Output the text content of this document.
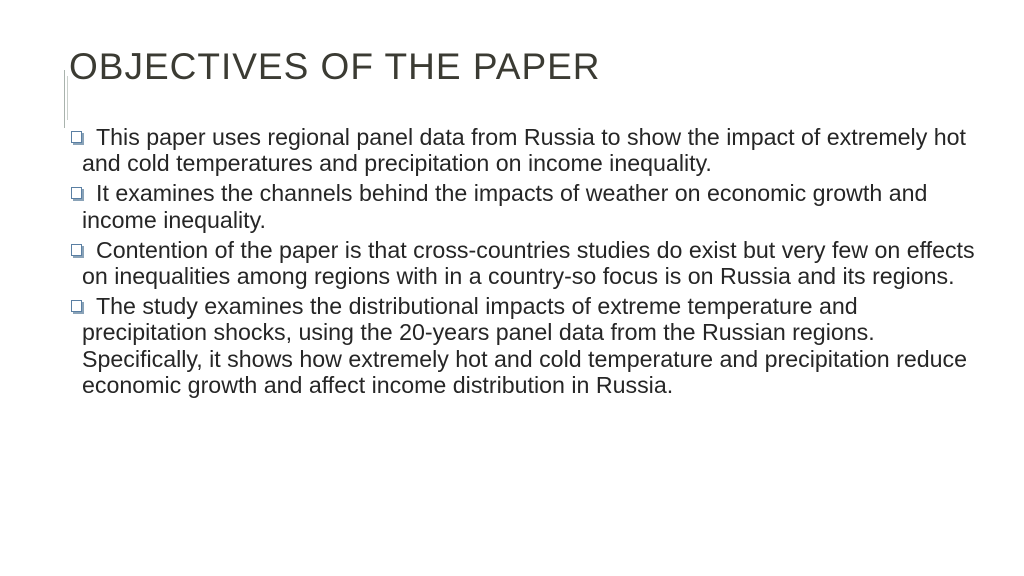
OBJECTIVES OF THE PAPER
This paper uses regional panel data from Russia to show the impact of extremely hot and cold temperatures and precipitation on income inequality.
It examines the channels behind the impacts of weather on economic growth and income inequality.
Contention of the paper is that cross-countries studies do exist but very few on effects on inequalities among regions with in a country-so focus is on Russia and its regions.
The study examines the distributional impacts of extreme temperature and precipitation shocks, using the 20-years panel data from the Russian regions. Specifically, it shows how extremely hot and cold temperature and precipitation reduce economic growth and affect income distribution in Russia.
